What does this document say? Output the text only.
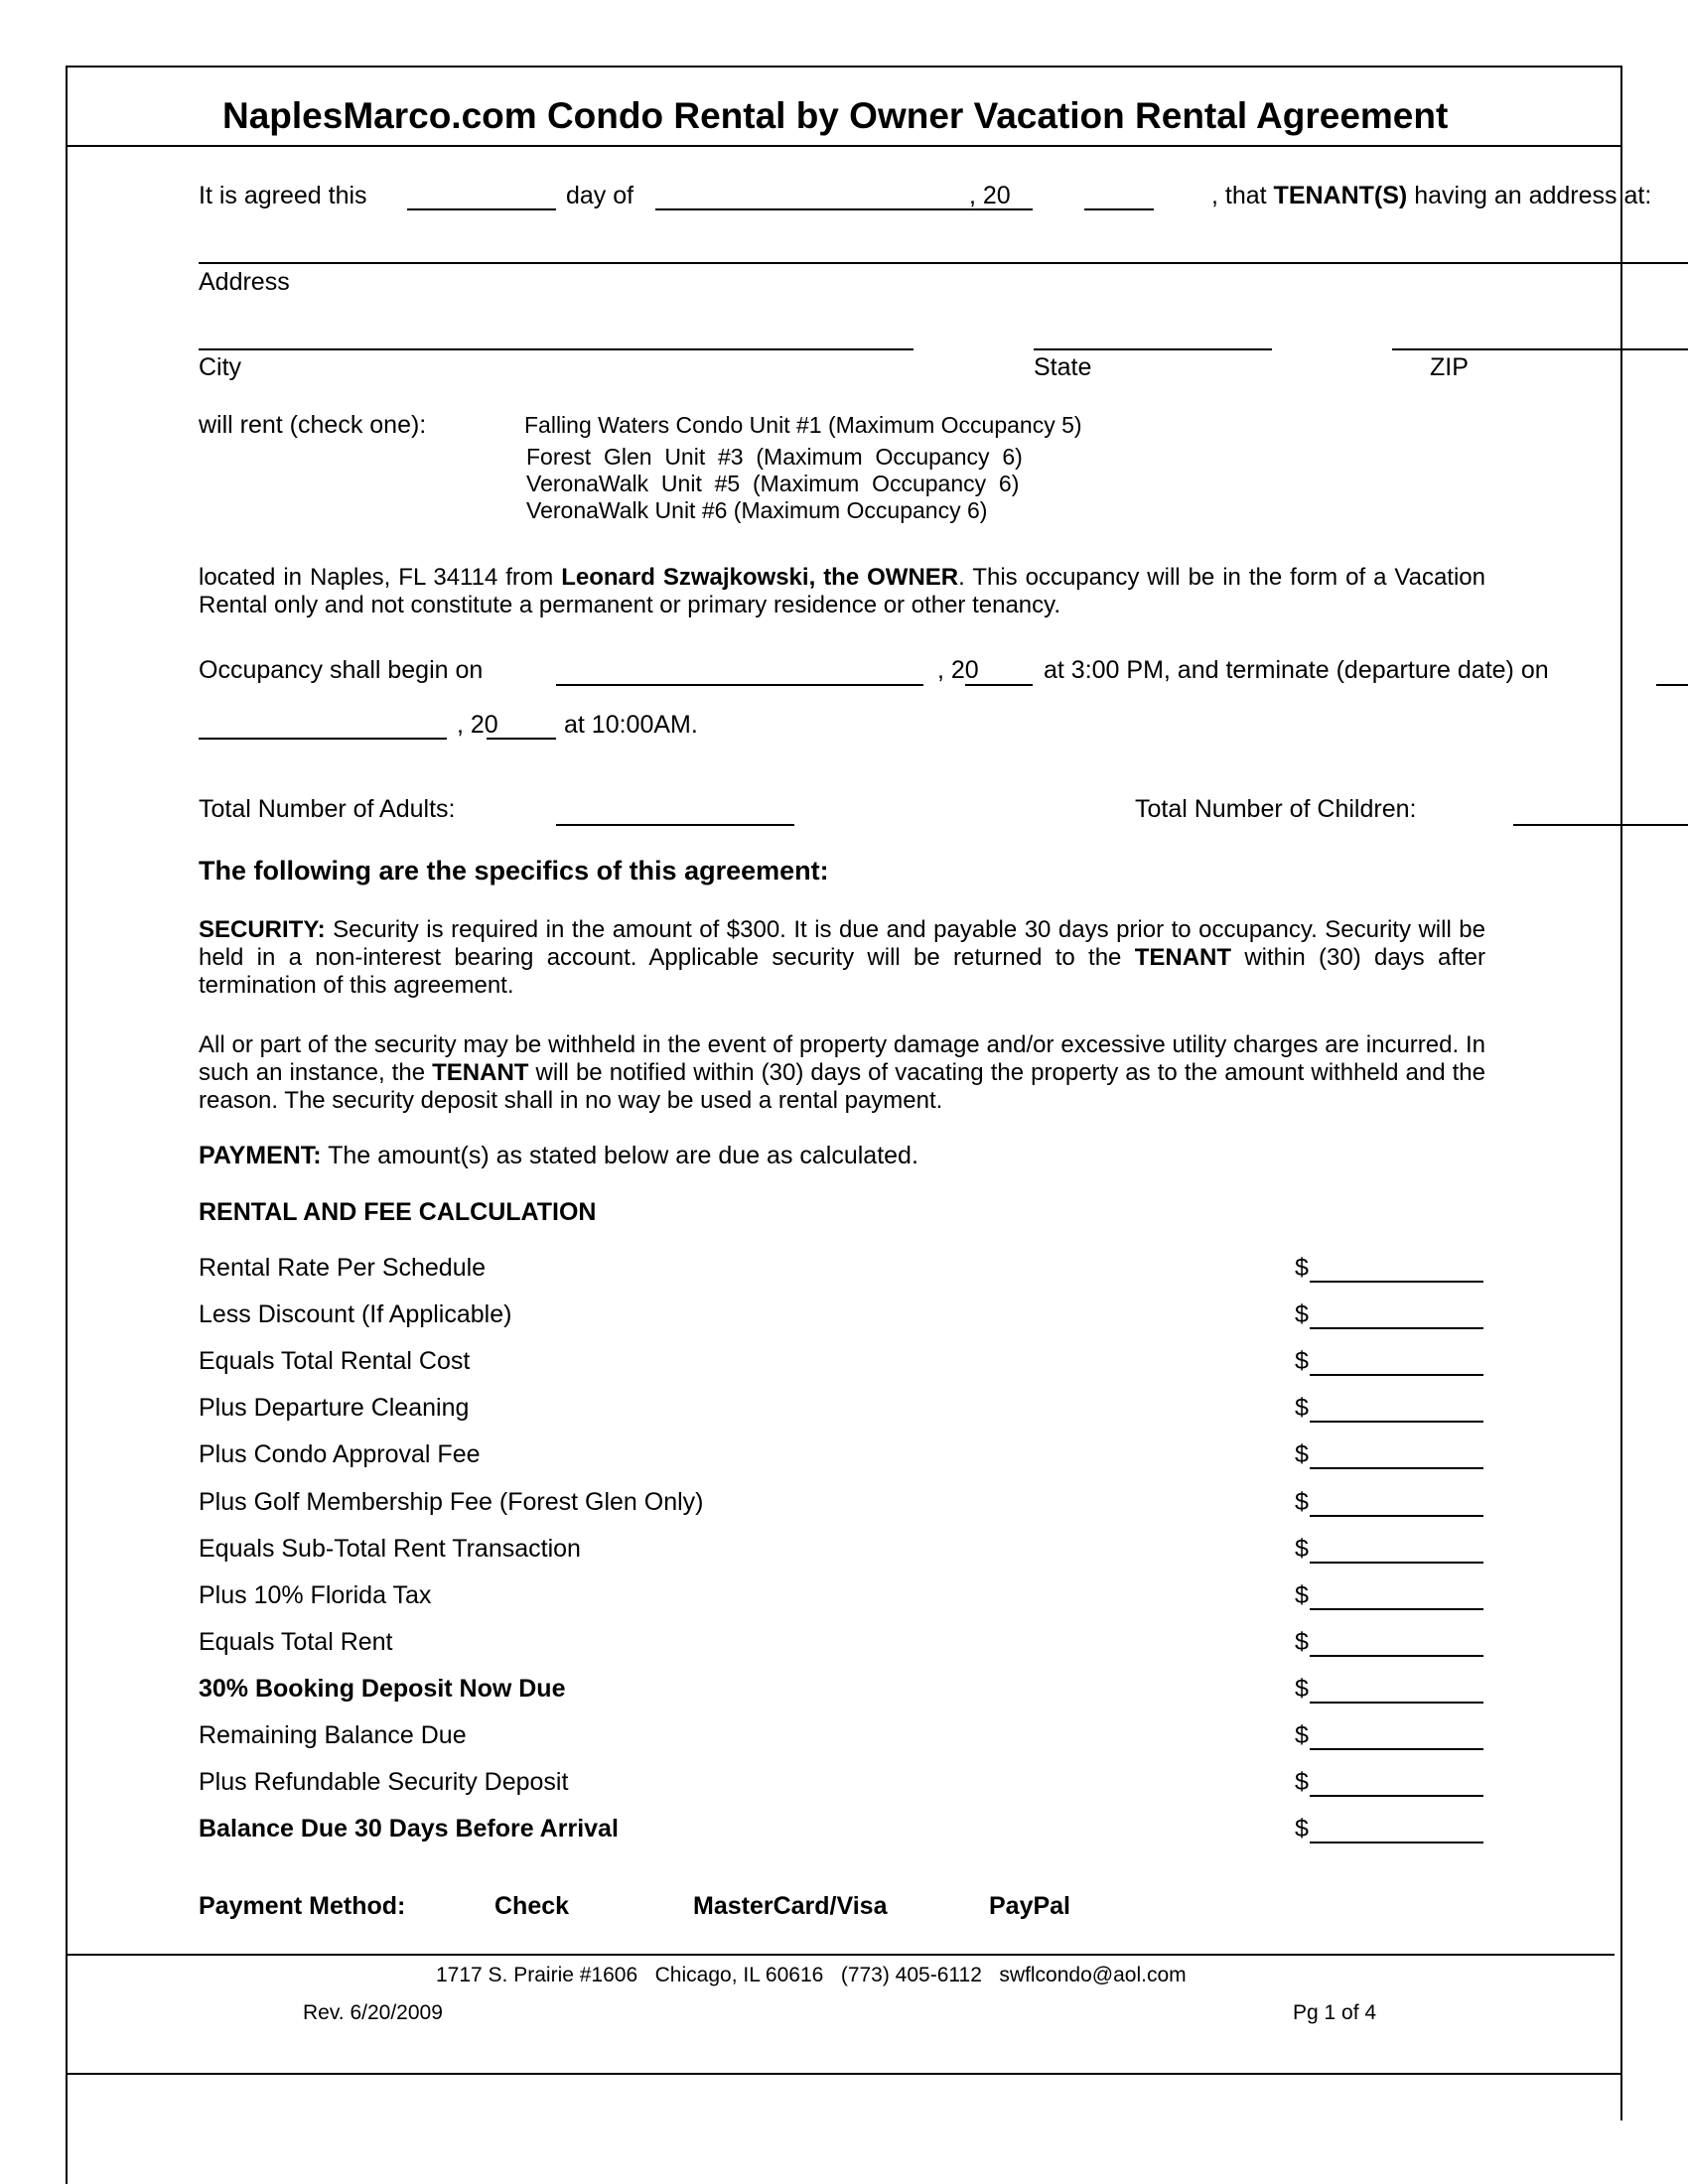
NaplesMarco.com Condo Rental by Owner Vacation Rental Agreement
It is agreed this	day of	, 20	, that TENANT(S) having an address at:
Address
City	State	ZIP
will rent (check one):	Falling Waters Condo Unit #1 (Maximum Occupancy 5)
Forest  Glen  Unit  #3  (Maximum  Occupancy  6)
VeronaWalk  Unit  #5  (Maximum  Occupancy  6)
VeronaWalk Unit #6 (Maximum Occupancy 6)
located in Naples, FL 34114 from Leonard Szwajkowski, the OWNER. This occupancy will be in the form of a Vacation Rental only and not constitute a permanent or primary residence or other tenancy.
Occupancy shall begin on	, 20	at 3:00 PM, and terminate (departure date) on
, 20	at 10:00AM.
Total Number of Adults:	Total Number of Children:
The following are the specifics of this agreement:
SECURITY: Security is required in the amount of $300. It is due and payable 30 days prior to occupancy. Security will be held in a non-interest bearing account. Applicable security will be returned to the TENANT within (30) days after termination of this agreement.
All or part of the security may be withheld in the event of property damage and/or excessive utility charges are incurred. In such an instance, the TENANT will be notified within (30) days of vacating the property as to the amount withheld and the reason. The security deposit shall in no way be used a rental payment.
PAYMENT: The amount(s) as stated below are due as calculated.
RENTAL AND FEE CALCULATION
Rental Rate Per Schedule	$
Less Discount (If Applicable)	$
Equals Total Rental Cost	$
Plus Departure Cleaning	$
Plus Condo Approval Fee	$
Plus Golf Membership Fee (Forest Glen Only)	$
Equals Sub-Total Rent Transaction	$
Plus 10% Florida Tax	$
Equals Total Rent	$
30% Booking Deposit Now Due	$
Remaining Balance Due	$
Plus Refundable Security Deposit	$
Balance Due 30 Days Before Arrival	$
Payment Method:	Check	MasterCard/Visa	PayPal
1717 S. Prairie #1606   Chicago, IL 60616   (773) 405-6112   swflcondo@aol.com
Rev. 6/20/2009	Pg 1 of 4
